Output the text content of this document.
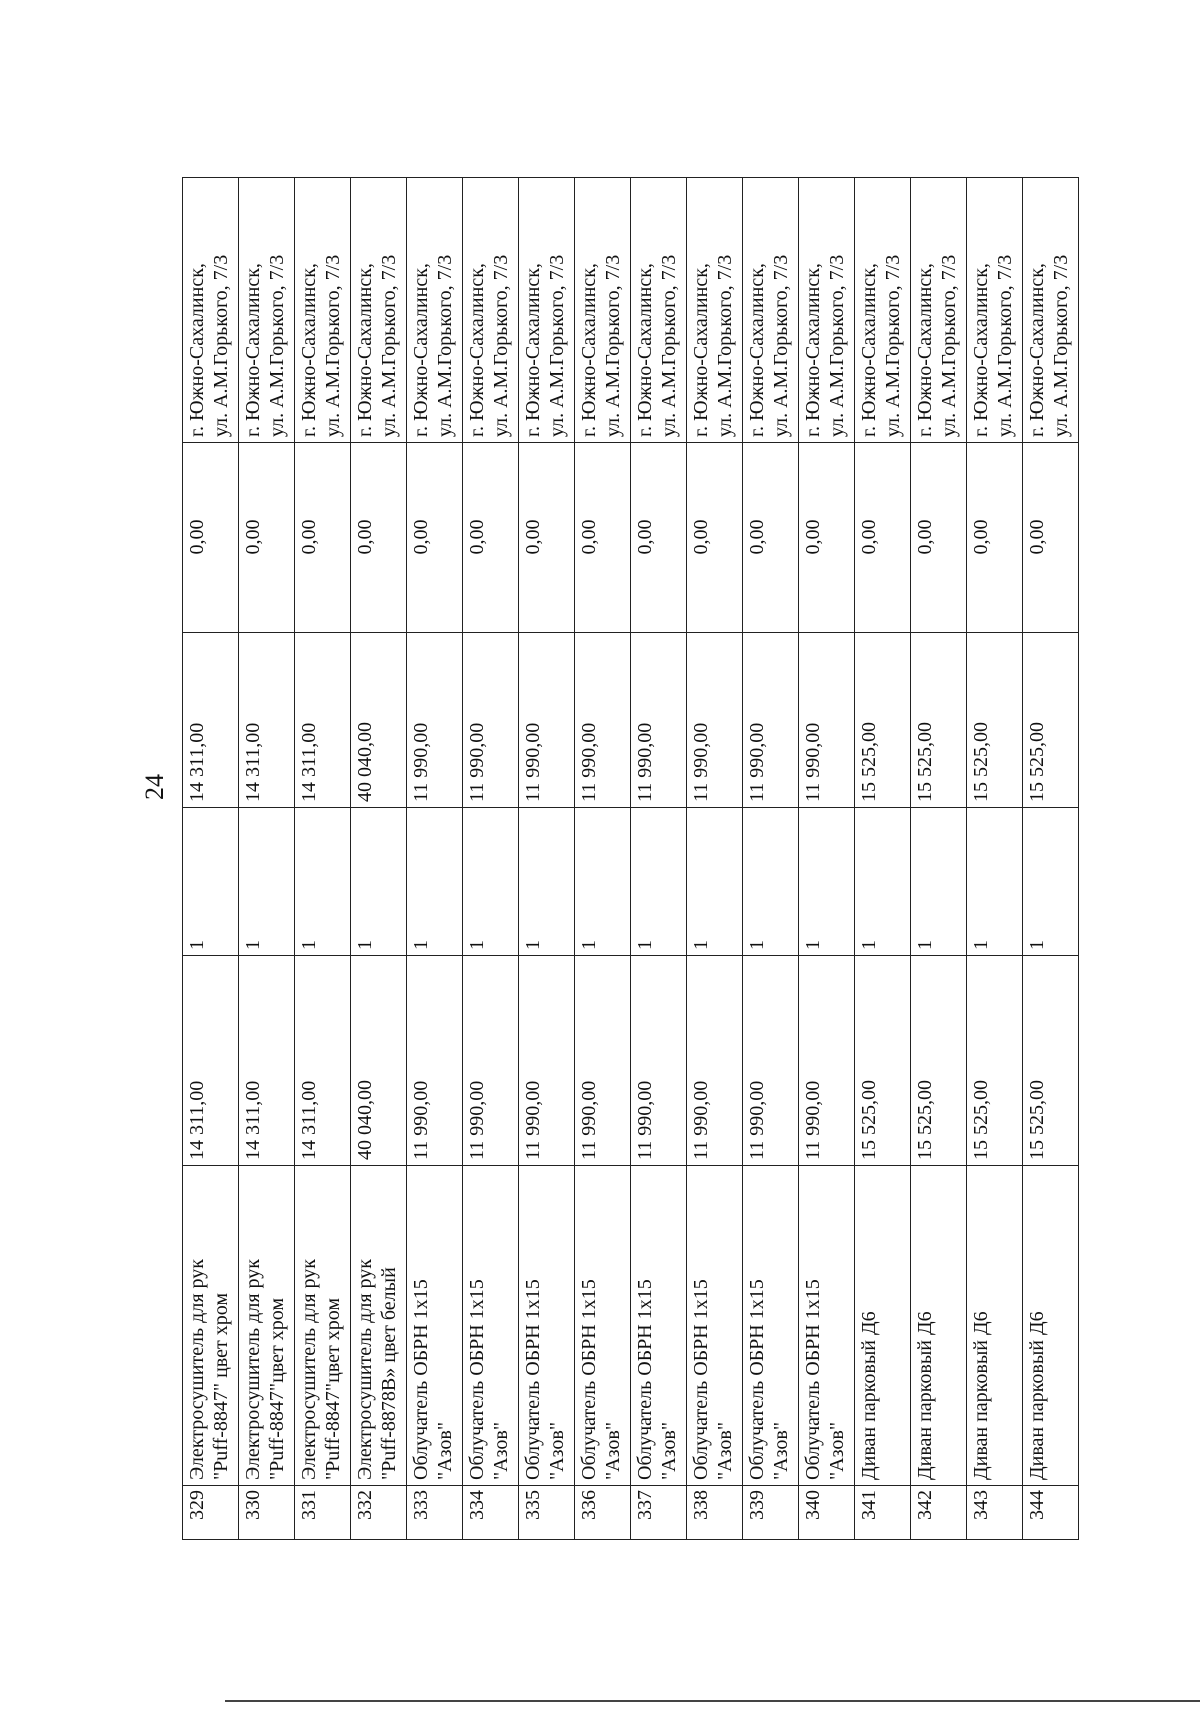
24
329	Электросушитель для рук "Puff-8847" цвет хром	14 311,00	1	14 311,00	0,00	г. Южно-Сахалинск, ул. А.М.Горького, 7/3
330	Электросушитель для рук "Puff-8847"цвет хром	14 311,00	1	14 311,00	0,00	г. Южно-Сахалинск, ул. А.М.Горького, 7/3
331	Электросушитель для рук "Puff-8847"цвет хром	14 311,00	1	14 311,00	0,00	г. Южно-Сахалинск, ул. А.М.Горького, 7/3
332	Электросушитель для рук "Puff-8878В» цвет белый	40 040,00	1	40 040,00	0,00	г. Южно-Сахалинск, ул. А.М.Горького, 7/3
333	Облучатель ОБРН 1х15 "Азов"	11 990,00	1	11 990,00	0,00	г. Южно-Сахалинск, ул. А.М.Горького, 7/3
334	Облучатель ОБРН 1х15 "Азов"	11 990,00	1	11 990,00	0,00	г. Южно-Сахалинск, ул. А.М.Горького, 7/3
335	Облучатель ОБРН 1х15 "Азов"	11 990,00	1	11 990,00	0,00	г. Южно-Сахалинск, ул. А.М.Горького, 7/3
336	Облучатель ОБРН 1х15 "Азов"	11 990,00	1	11 990,00	0,00	г. Южно-Сахалинск, ул. А.М.Горького, 7/3
337	Облучатель ОБРН 1х15 "Азов"	11 990,00	1	11 990,00	0,00	г. Южно-Сахалинск, ул. А.М.Горького, 7/3
338	Облучатель ОБРН 1х15 "Азов"	11 990,00	1	11 990,00	0,00	г. Южно-Сахалинск, ул. А.М.Горького, 7/3
339	Облучатель ОБРН 1х15 "Азов"	11 990,00	1	11 990,00	0,00	г. Южно-Сахалинск, ул. А.М.Горького, 7/3
340	Облучатель ОБРН 1х15 "Азов"	11 990,00	1	11 990,00	0,00	г. Южно-Сахалинск, ул. А.М.Горького, 7/3
341	Диван парковый Д6	15 525,00	1	15 525,00	0,00	г. Южно-Сахалинск, ул. А.М.Горького, 7/3
342	Диван парковый Д6	15 525,00	1	15 525,00	0,00	г. Южно-Сахалинск, ул. А.М.Горького, 7/3
343	Диван парковый Д6	15 525,00	1	15 525,00	0,00	г. Южно-Сахалинск, ул. А.М.Горького, 7/3
344	Диван парковый Д6	15 525,00	1	15 525,00	0,00	г. Южно-Сахалинск, ул. А.М.Горького, 7/3
